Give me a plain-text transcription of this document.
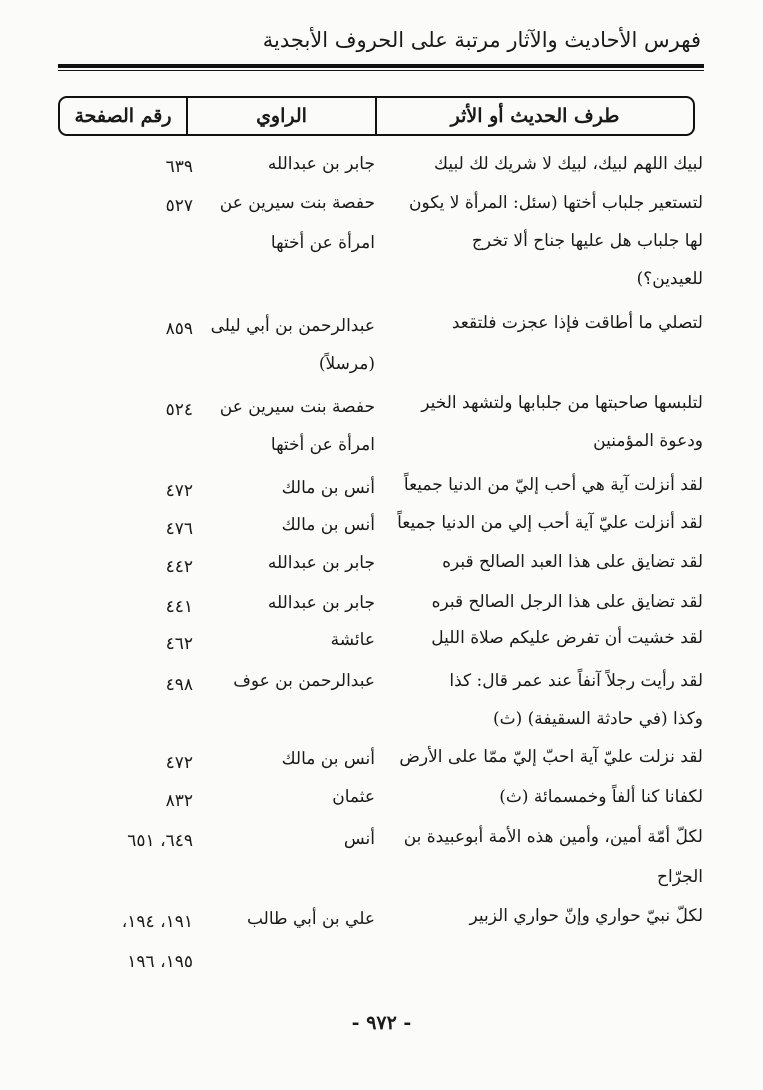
فهرس الأحاديث والآثار مرتبة على الحروف الأبجدية
طرف الحديث أو الأثر
الراوي
رقم الصفحة
لبيك اللهم لبيك، لبيك لا شريك لك لبيك
جابر بن عبدالله
٦٣٩
لتستعير جلباب أختها (سئل: المرأة لا يكون
لها جلباب هل عليها جناح ألا تخرج
للعيدين؟)
حفصة بنت سيرين عن
امرأة عن أختها
٥٢٧
لتصلي ما أطاقت فإذا عجزت فلتقعد
عبدالرحمن بن أبي ليلى
(مرسلاً)
٨٥٩
لتلبسها صاحبتها من جلبابها ولتشهد الخير
ودعوة المؤمنين
حفصة بنت سيرين عن
امرأة عن أختها
٥٢٤
لقد أنزلت آية هي أحب إليّ من الدنيا جميعاً
أنس بن مالك
٤٧٢
لقد أنزلت عليّ آية أحب إلي من الدنيا جميعاً
أنس بن مالك
٤٧٦
لقد تضايق على هذا العبد الصالح قبره
جابر بن عبدالله
٤٤٢
لقد تضايق على هذا الرجل الصالح قبره
جابر بن عبدالله
٤٤١
لقد خشيت أن تفرض عليكم صلاة الليل
عائشة
٤٦٢
لقد رأيت رجلاً آنفاً عند عمر قال: كذا
وكذا (في حادثة السقيفة) (ث)
عبدالرحمن بن عوف
٤٩٨
لقد نزلت عليّ آية احبّ إليّ ممّا على الأرض
أنس بن مالك
٤٧٢
لكفانا كنا ألفاً وخمسمائة (ث)
عثمان
٨٣٢
لكلّ أمّة أمين، وأمين هذه الأمة أبوعبيدة بن
الجرّاح
أنس
٦٤٩، ٦٥١
لكلّ نبيّ حواري وإنّ حواري الزبير
علي بن أبي طالب
١٩١، ١٩٤،
١٩٥، ١٩٦
- ٩٧٢ -
